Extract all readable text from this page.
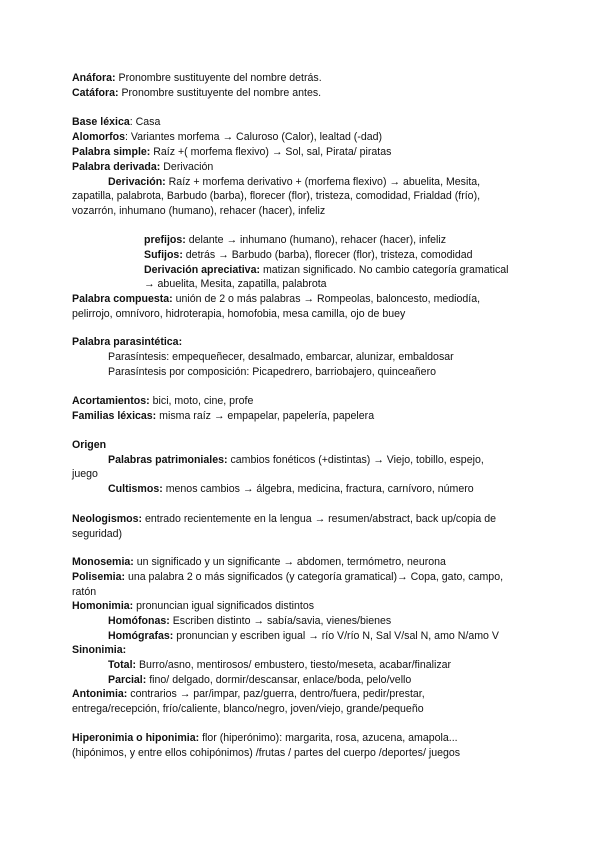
Anáfora: Pronombre sustituyente del nombre detrás.
Catáfora: Pronombre sustituyente del nombre antes.
Base léxica: Casa
Alomorfos: Variantes morfema → Caluroso (Calor), lealtad (-dad)
Palabra simple: Raíz +( morfema flexivo) → Sol, sal, Pirata/ piratas
Palabra derivada: Derivación
Derivación: Raíz + morfema derivativo + (morfema flexivo) → abuelita, Mesita,
zapatilla, palabrota, Barbudo (barba), florecer (flor), tristeza, comodidad, Frialdad (frío),
vozarrón, inhumano (humano), rehacer (hacer), infeliz
prefijos: delante → inhumano (humano), rehacer (hacer), infeliz
Sufijos: detrás → Barbudo (barba), florecer (flor), tristeza, comodidad
Derivación apreciativa: matizan significado. No cambio categoría gramatical
→ abuelita, Mesita, zapatilla, palabrota
Palabra compuesta: unión de 2 o más palabras → Rompeolas, baloncesto, mediodía,
pelirrojo, omnívoro, hidroterapia, homofobia, mesa camilla, ojo de buey
Palabra parasintética:
Parasíntesis: empequeñecer, desalmado, embarcar, alunizar, embaldosar
Parasíntesis por composición: Picapedrero, barriobajero, quinceañero
Acortamientos: bici, moto, cine, profe
Familias léxicas: misma raíz → empapelar, papelería, papelera
Origen
Palabras patrimoniales: cambios fonéticos (+distintas) → Viejo, tobillo, espejo,
juego
Cultismos: menos cambios → álgebra, medicina, fractura, carnívoro, número
Neologismos: entrado recientemente en la lengua → resumen/abstract, back up/copia de
seguridad)
Monosemia: un significado y un significante → abdomen, termómetro, neurona
Polisemia: una palabra 2 o más significados (y categoría gramatical)→ Copa, gato, campo,
ratón
Homonimia: pronuncian igual significados distintos
Homófonas: Escriben distinto → sabía/savia, vienes/bienes
Homógrafas: pronuncian y escriben igual → río V/río N, Sal V/sal N, amo N/amo V
Sinonimia:
Total: Burro/asno, mentirosos/ embustero, tiesto/meseta, acabar/finalizar
Parcial: fino/ delgado, dormir/descansar, enlace/boda, pelo/vello
Antonimia: contrarios → par/impar, paz/guerra, dentro/fuera, pedir/prestar,
entrega/recepción, frío/caliente, blanco/negro, joven/viejo, grande/pequeño
Hiperonimia o hiponimia: flor (hiperónimo): margarita, rosa, azucena, amapola...
(hipónimos, y entre ellos cohipónimos) /frutas / partes del cuerpo /deportes/ juegos
